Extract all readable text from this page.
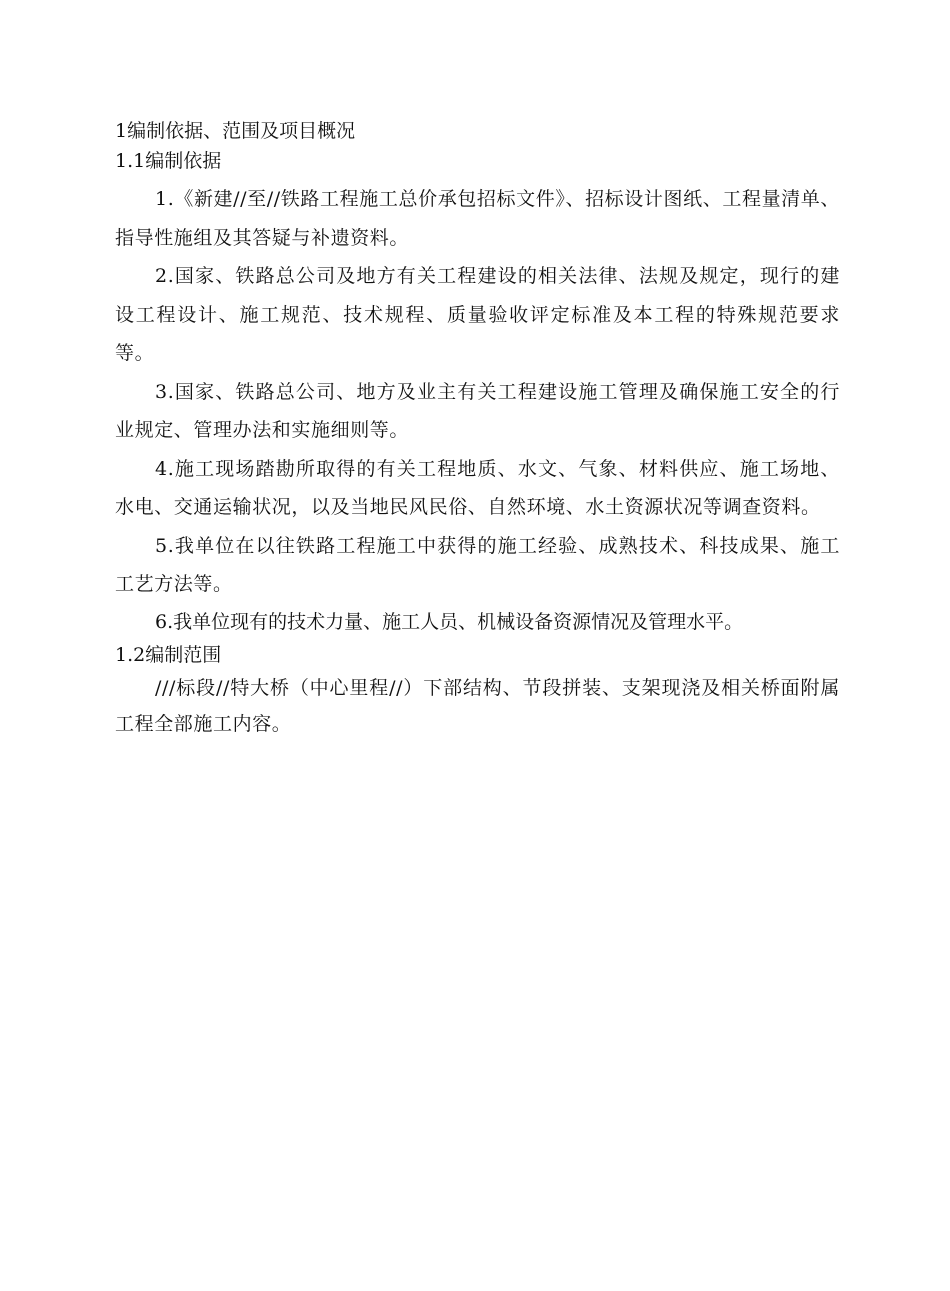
1编制依据、范围及项目概况

1.1编制依据

1.《新建//至//铁路工程施工总价承包招标文件》、招标设计图纸、工程量清单、指导性施组及其答疑与补遗资料。

2.国家、铁路总公司及地方有关工程建设的相关法律、法规及规定，现行的建设工程设计、施工规范、技术规程、质量验收评定标准及本工程的特殊规范要求等。

3.国家、铁路总公司、地方及业主有关工程建设施工管理及确保施工安全的行业规定、管理办法和实施细则等。

4.施工现场踏勘所取得的有关工程地质、水文、气象、材料供应、施工场地、水电、交通运输状况，以及当地民风民俗、自然环境、水土资源状况等调查资料。

5.我单位在以往铁路工程施工中获得的施工经验、成熟技术、科技成果、施工工艺方法等。

6.我单位现有的技术力量、施工人员、机械设备资源情况及管理水平。

1.2编制范围

///标段//特大桥（中心里程//）下部结构、节段拼装、支架现浇及相关桥面附属工程全部施工内容。
